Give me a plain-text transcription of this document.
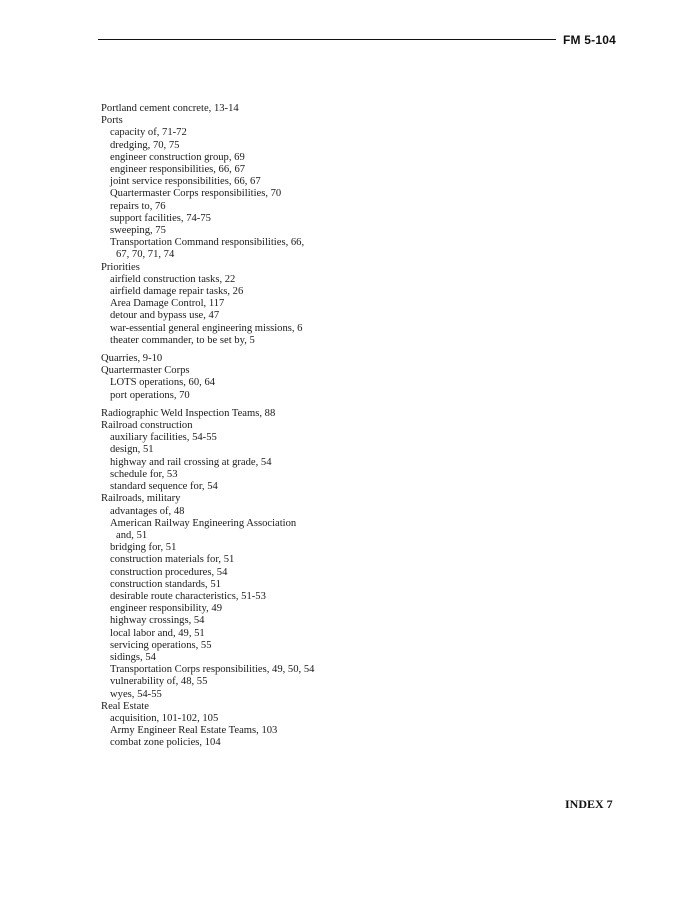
FM 5-104
Portland cement concrete, 13-14
Ports
capacity of, 71-72
dredging, 70, 75
engineer construction group, 69
engineer responsibilities, 66, 67
joint service responsibilities, 66, 67
Quartermaster Corps responsibilities, 70
repairs to, 76
support facilities, 74-75
sweeping, 75
Transportation Command responsibilities, 66,
67, 70, 71, 74
Priorities
airfield construction tasks, 22
airfield damage repair tasks, 26
Area Damage Control, 117
detour and bypass use, 47
war-essential general engineering missions, 6
theater commander, to be set by, 5
Quarries, 9-10
Quartermaster Corps
LOTS operations, 60, 64
port operations, 70
Radiographic Weld Inspection Teams, 88
Railroad construction
auxiliary facilities, 54-55
design, 51
highway and rail crossing at grade, 54
schedule for, 53
standard sequence for, 54
Railroads, military
advantages of, 48
American Railway Engineering Association
and, 51
bridging for, 51
construction materials for, 51
construction procedures, 54
construction standards, 51
desirable route characteristics, 51-53
engineer responsibility, 49
highway crossings, 54
local labor and, 49, 51
servicing operations, 55
sidings, 54
Transportation Corps responsibilities, 49, 50, 54
vulnerability of, 48, 55
wyes, 54-55
Real Estate
acquisition, 101-102, 105
Army Engineer Real Estate Teams, 103
combat zone policies, 104
INDEX 7
